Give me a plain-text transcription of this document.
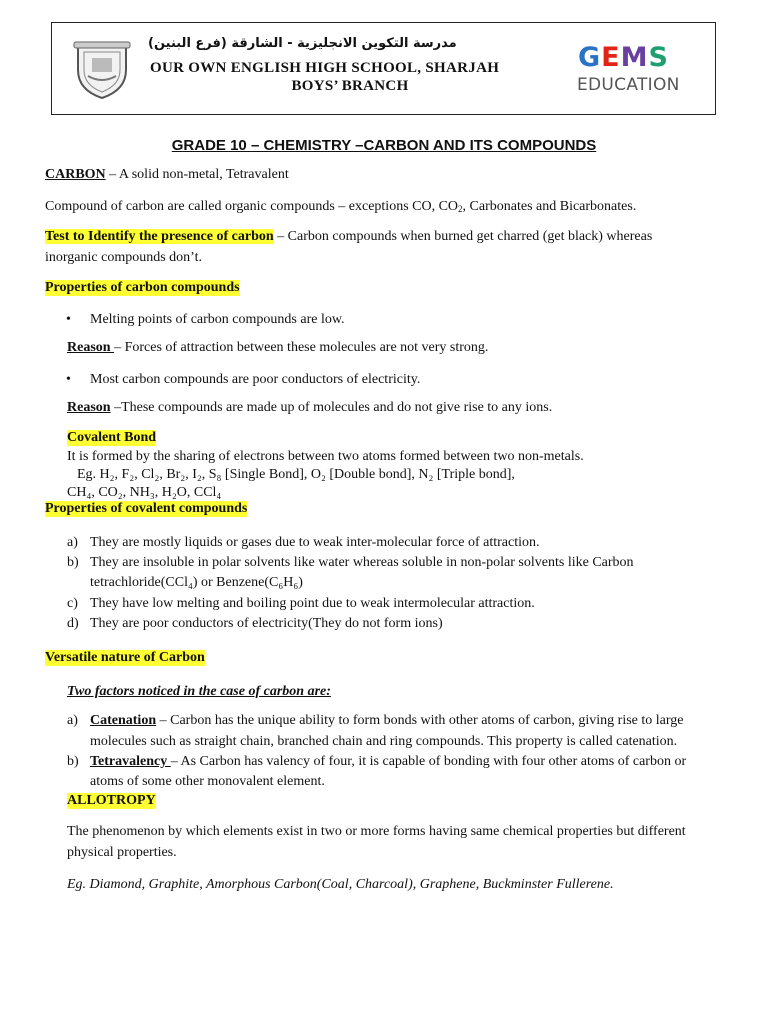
مدرسة التكوين الانجليزية - الشارقة (فرع البنين)
OUR OWN ENGLISH HIGH SCHOOL, SHARJAH
BOYS’ BRANCH
GEMS
EDUCATION
GRADE 10 – CHEMISTRY –CARBON AND ITS COMPOUNDS
CARBON – A solid non-metal, Tetravalent
Compound of carbon are called organic compounds – exceptions CO, $CO_2$, Carbonates and Bicarbonates.
Test to Identify the presence of carbon – Carbon compounds when burned get charred (get black) whereas
inorganic compounds don’t.
Properties of carbon compounds
• Melting points of carbon compounds are low.
Reason – Forces of attraction between these molecules are not very strong.
• Most carbon compounds are poor conductors of electricity.
Reason –These compounds are made up of molecules and do not give rise to any ions.
Covalent Bond
It is formed by the sharing of electrons between two atoms formed between two non-metals.
Eg. H₂, F₂, Cl₂, Br₂, I₂, S₈ [Single Bond], O₂ [Double bond], N₂ [Triple bond],
CH₄, CO₂, NH₃, H₂O, CCl₄
Properties of covalent compounds
a) They are mostly liquids or gases due to weak inter-molecular force of attraction.
b) They are insoluble in polar solvents like water whereas soluble in non-polar solvents like Carbon
tetrachloride(CCl₄) or Benzene(C₆H₆)
c) They have low melting and boiling point due to weak intermolecular attraction.
d) They are poor conductors of electricity(They do not form ions)
Versatile nature of Carbon
Two factors noticed in the case of carbon are:
a) Catenation – Carbon has the unique ability to form bonds with other atoms of carbon, giving rise to large
molecules such as straight chain, branched chain and ring compounds. This property is called catenation.
b) Tetravalency – As Carbon has valency of four, it is capable of bonding with four other atoms of carbon or
atoms of some other monovalent element.
ALLOTROPY
The phenomenon by which elements exist in two or more forms having same chemical properties but different
physical properties.
Eg. Diamond, Graphite, Amorphous Carbon(Coal, Charcoal), Graphene, Buckminster Fullerene.
